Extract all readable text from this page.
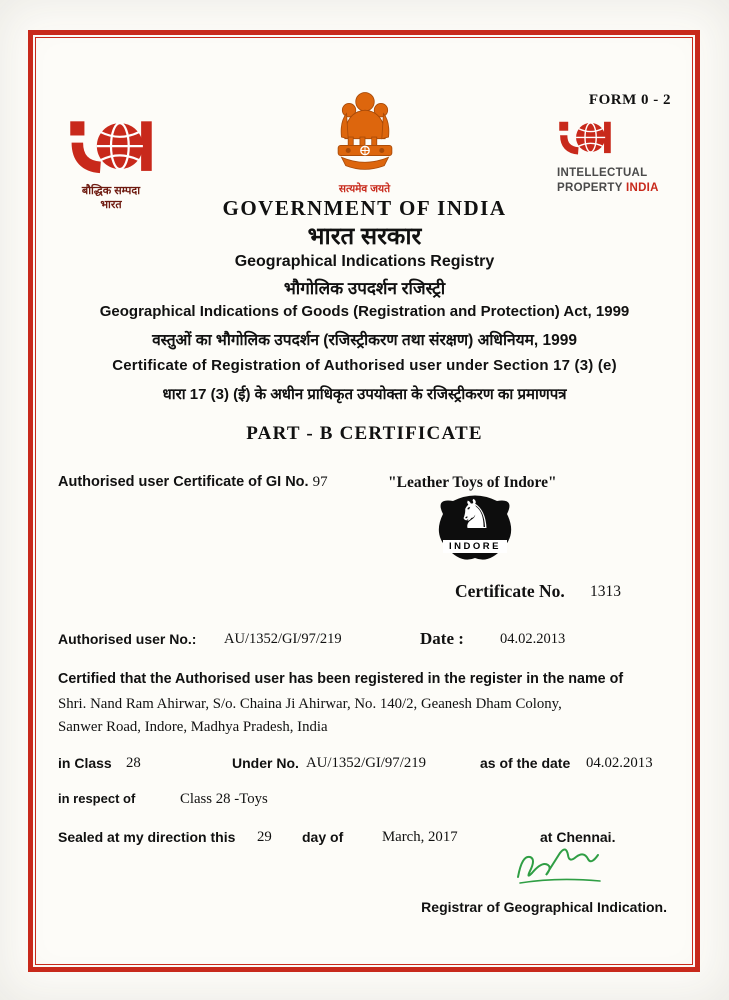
FORM 0 - 2
बौद्धिक सम्पदा
भारत
सत्यमेव जयते
INTELLECTUAL
PROPERTY INDIA
GOVERNMENT OF INDIA
भारत सरकार
Geographical Indications Registry
भौगोलिक उपदर्शन रजिस्ट्री
Geographical Indications of Goods (Registration and Protection) Act, 1999
वस्तुओं का भौगोलिक उपदर्शन (रजिस्ट्रीकरण तथा संरक्षण) अधिनियम, 1999
Certificate of Registration of Authorised user under Section 17 (3) (e)
धारा 17 (3) (ई) के अधीन प्राधिकृत उपयोक्ता के रजिस्ट्रीकरण का प्रमाणपत्र
PART - B CERTIFICATE
Authorised user Certificate of GI No. 97	"Leather Toys of Indore"
♞
INDORE
Certificate No. 1313
Authorised user No.: AU/1352/GI/97/219	Date : 04.02.2013
Certified that the Authorised user has been registered in the register in the name of
Shri. Nand Ram Ahirwar, S/o. Chaina Ji Ahirwar, No. 140/2, Geanesh Dham Colony,
Sanwer Road, Indore, Madhya Pradesh, India
in Class 28	Under No. AU/1352/GI/97/219	as of the date 04.02.2013
in respect of	Class 28 -Toys
Sealed at my direction this 29 day of	March, 2017	at Chennai.
Registrar of Geographical Indication.
